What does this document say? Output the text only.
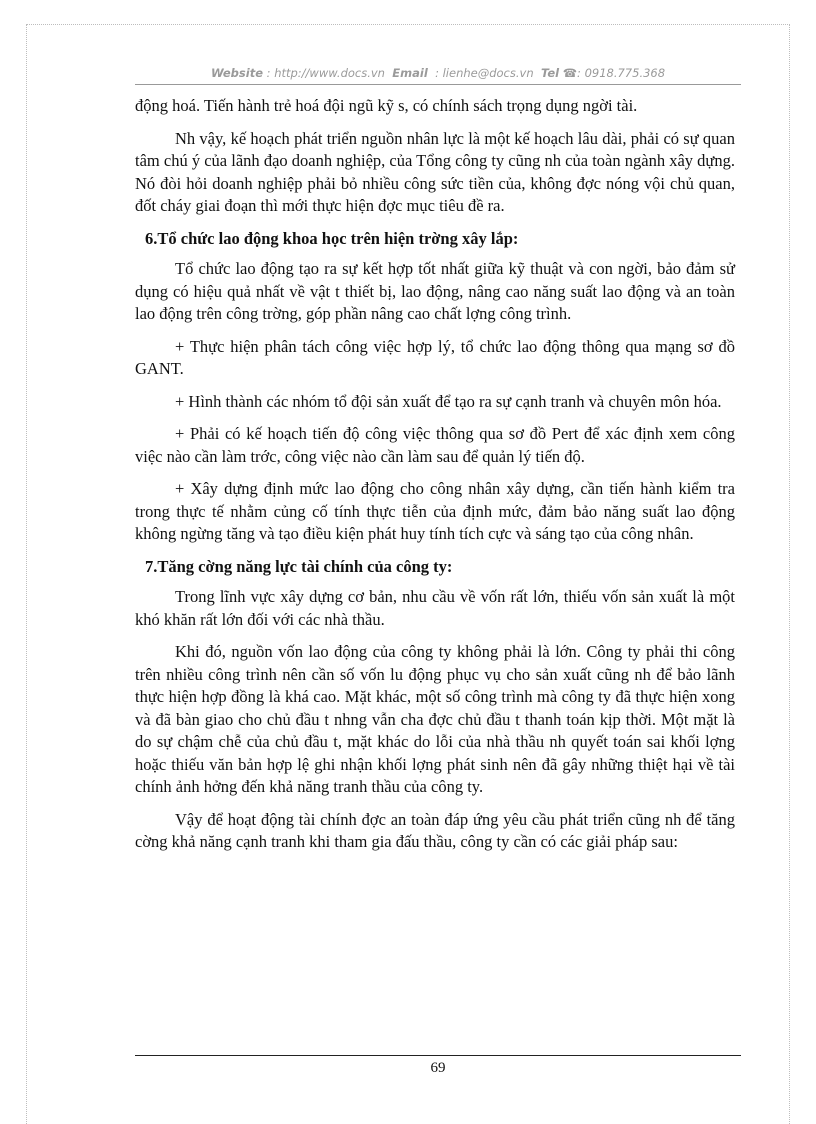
Website : http://www.docs.vn Email : lienhe@docs.vn Tel ☎: 0918.775.368

động hoá. Tiến hành trẻ hoá đội ngũ kỹ s, có chính sách trọng dụng ngời tài.

Nh vậy, kế hoạch phát triển nguồn nhân lực là một kế hoạch lâu dài, phải có sự quan tâm chú ý của lãnh đạo doanh nghiệp, của Tổng công ty cũng nh của toàn ngành xây dựng. Nó đòi hỏi doanh nghiệp phải bỏ nhiều công sức tiền của, không đợc nóng vội chủ quan, đốt cháy giai đoạn thì mới thực hiện đợc mục tiêu đề ra.

6.Tổ chức lao động khoa học trên hiện trờng xây lắp:

Tổ chức lao động tạo ra sự kết hợp tốt nhất giữa kỹ thuật và con ngời, bảo đảm sử dụng có hiệu quả nhất về vật t thiết bị, lao động, nâng cao năng suất lao động và an toàn lao động trên công trờng, góp phần nâng cao chất lợng công trình.

+ Thực hiện phân tách công việc hợp lý, tổ chức lao động thông qua mạng sơ đồ GANT.

+ Hình thành các nhóm tổ đội sản xuất để tạo ra sự cạnh tranh và chuyên môn hóa.

+ Phải có kế hoạch tiến độ công việc thông qua sơ đồ Pert để xác định xem công việc nào cần làm trớc, công việc nào cần làm sau để quản lý tiến độ.

+ Xây dựng định mức lao động cho công nhân xây dựng, cần tiến hành kiểm tra trong thực tế nhằm củng cố tính thực tiễn của định mức, đảm bảo năng suất lao động không ngừng tăng và tạo điều kiện phát huy tính tích cực và sáng tạo của công nhân.

7.Tăng cờng năng lực tài chính của công ty:

Trong lĩnh vực xây dựng cơ bản, nhu cầu về vốn rất lớn, thiếu vốn sản xuất là một khó khăn rất lớn đối với các nhà thầu.

Khi đó, nguồn vốn lao động của công ty không phải là lớn. Công ty phải thi công trên nhiều công trình nên cần số vốn lu động phục vụ cho sản xuất cũng nh để bảo lãnh thực hiện hợp đồng là khá cao. Mặt khác, một số công trình mà công ty đã thực hiện xong và đã bàn giao cho chủ đầu t nhng vẫn cha đợc chủ đầu t thanh toán kịp thời. Một mặt là do sự chậm chễ của chủ đầu t, mặt khác do lỗi của nhà thầu nh quyết toán sai khối lợng hoặc thiếu văn bản hợp lệ ghi nhận khối lợng phát sinh nên đã gây những thiệt hại về tài chính ảnh hởng đến khả năng tranh thầu của công ty.

Vậy để hoạt động tài chính đợc an toàn đáp ứng yêu cầu phát triển cũng nh để tăng cờng khả năng cạnh tranh khi tham gia đấu thầu, công ty cần có các giải pháp sau:

69
